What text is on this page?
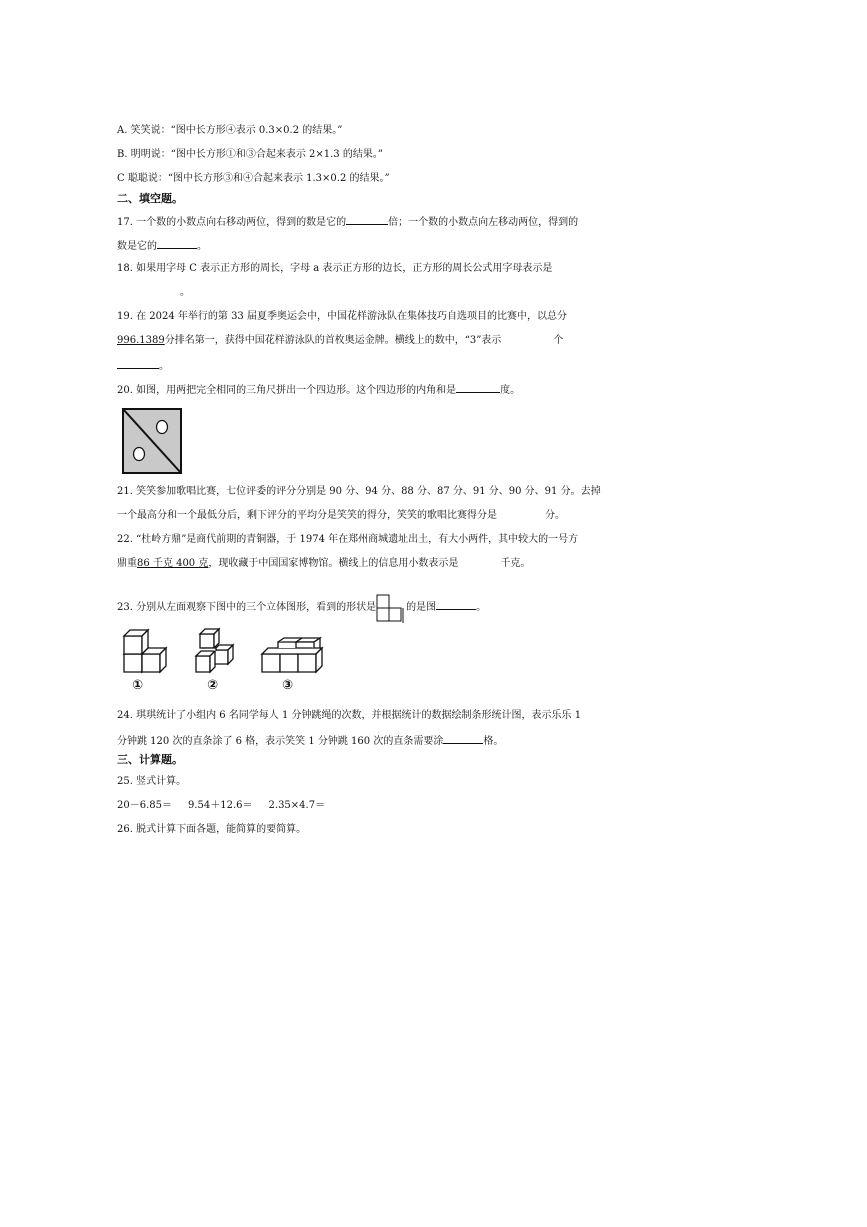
A. 笑笑说：“图中长方形④表示 0.3×0.2 的结果。”
B. 明明说：“图中长方形①和③合起来表示 2×1.3 的结果。”
C 聪聪说：“图中长方形③和④合起来表示 1.3×0.2 的结果。”
二、填空题。
17. 一个数的小数点向右移动两位，得到的数是它的	倍；一个数的小数点向左移动两位，得到的
数是它的	。
18. 如果用字母 C 表示正方形的周长，字母 a 表示正方形的边长，正方形的周长公式用字母表示是
。
19. 在 2024 年举行的第 33 届夏季奥运会中，中国花样游泳队在集体技巧自选项目的比赛中，以总分
996.1389分排名第一，获得中国花样游泳队的首枚奥运金牌。横线上的数中，“3”表示	个
。
20. 如图，用两把完全相同的三角尺拼出一个四边形。这个四边形的内角和是	度。
21. 笑笑参加歌唱比赛，七位评委的评分分别是 90 分、94 分、88 分、87 分、91 分、90 分、91 分。去掉
一个最高分和一个最低分后，剩下评分的平均分是笑笑的得分，笑笑的歌唱比赛得分是	分。
22. “杜岭方鼎”是商代前期的青铜器，于 1974 年在郑州商城遗址出土，有大小两件，其中较大的一号方
鼎重86 千克 400 克，现收藏于中国国家博物馆。横线上的信息用小数表示是	千克。
23. 分别从左面观察下图中的三个立体图形，看到的形状是	的是图	。
①	②	③
24. 琪琪统计了小组内 6 名同学每人 1 分钟跳绳的次数，并根据统计的数据绘制条形统计图，表示乐乐 1
分钟跳 120 次的直条涂了 6 格，表示笑笑 1 分钟跳 160 次的直条需要涂	格。
三、计算题。
25. 竖式计算。
20－6.85＝ 9.54＋12.6＝ 2.35×4.7＝
26. 脱式计算下面各题，能简算的要简算。
